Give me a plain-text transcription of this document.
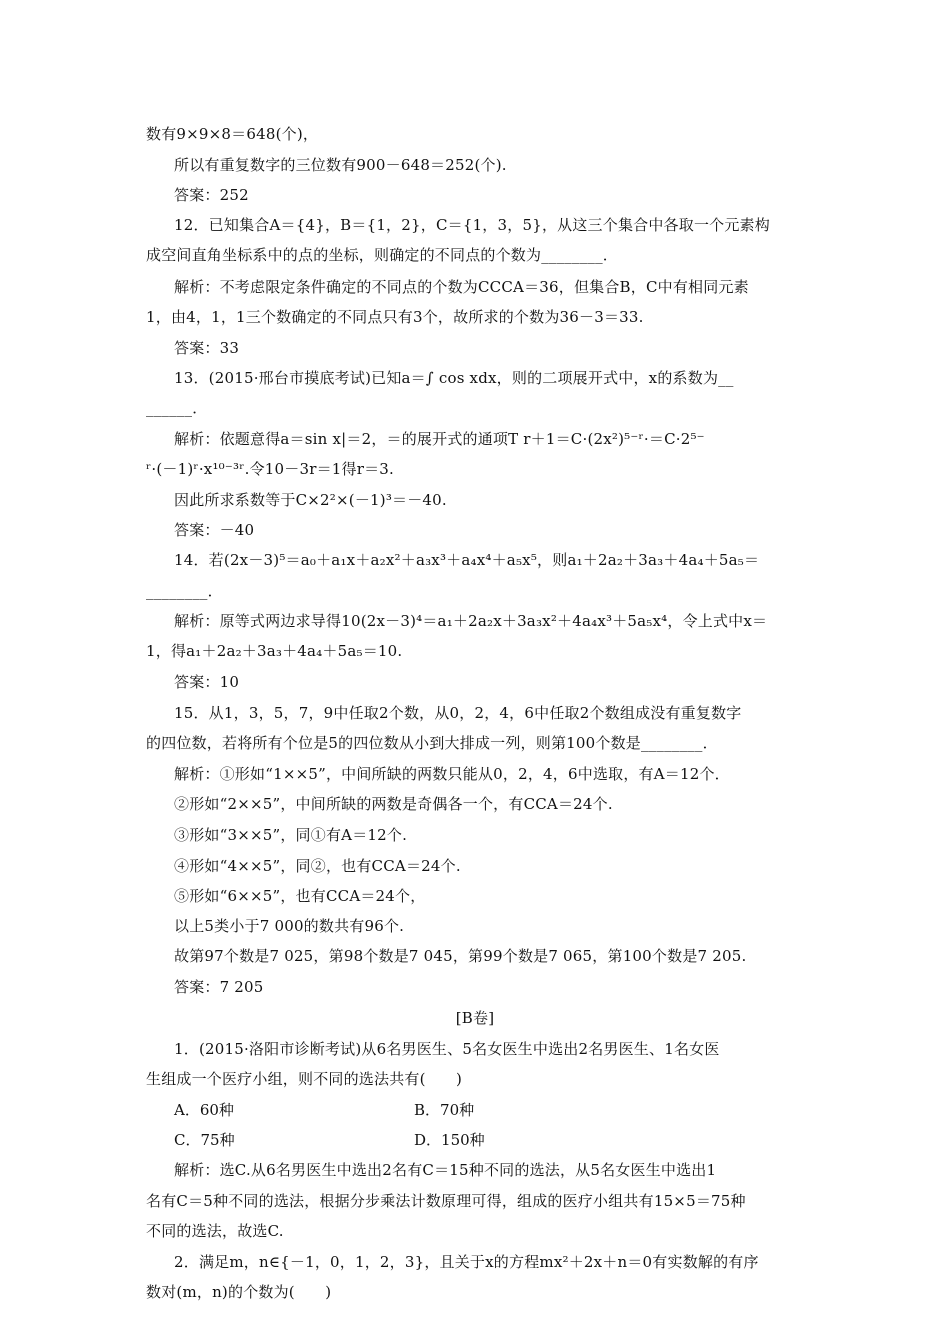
数有9×9×8＝648(个)，
所以有重复数字的三位数有900－648＝252(个).
答案：252
12．已知集合A＝{4}，B＝{1，2}，C＝{1，3，5}，从这三个集合中各取一个元素构
成空间直角坐标系中的点的坐标，则确定的不同点的个数为________．
解析：不考虑限定条件确定的不同点的个数为CCCA＝36，但集合B，C中有相同元素
1，由4，1，1三个数确定的不同点只有3个，故所求的个数为36－3＝33.
答案：33
13．(2015·邢台市摸底考试)已知a＝∫ cos xdx，则的二项展开式中，x的系数为__
______．
解析：依题意得a＝sin x|＝2，＝的展开式的通项T r＋1＝C·(2x²)⁵⁻ʳ·＝C·2⁵⁻
ʳ·(－1)ʳ·x¹⁰⁻³ʳ.令10－3r＝1得r＝3.
因此所求系数等于C×2²×(－1)³＝－40.
答案：－40
14．若(2x－3)⁵＝a₀＋a₁x＋a₂x²＋a₃x³＋a₄x⁴＋a₅x⁵，则a₁＋2a₂＋3a₃＋4a₄＋5a₅＝
________．
解析：原等式两边求导得10(2x－3)⁴＝a₁＋2a₂x＋3a₃x²＋4a₄x³＋5a₅x⁴，令上式中x＝
1，得a₁＋2a₂＋3a₃＋4a₄＋5a₅＝10.
答案：10
15．从1，3，5，7，9中任取2个数，从0，2，4，6中任取2个数组成没有重复数字
的四位数，若将所有个位是5的四位数从小到大排成一列，则第100个数是________．
解析：①形如“1××5”，中间所缺的两数只能从0，2，4，6中选取，有A＝12个．
②形如“2××5”，中间所缺的两数是奇偶各一个，有CCA＝24个.
③形如“3××5”，同①有A＝12个.
④形如“4××5”，同②，也有CCA＝24个.
⑤形如“6××5”，也有CCA＝24个，
以上5类小于7 000的数共有96个.
故第97个数是7 025，第98个数是7 045，第99个数是7 065，第100个数是7 205.
答案：7 205
[B卷]
1．(2015·洛阳市诊断考试)从6名男医生、5名女医生中选出2名男医生、1名女医
生组成一个医疗小组，则不同的选法共有(　　)
A．60种	B．70种
C．75种	D．150种
解析：选C.从6名男医生中选出2名有C＝15种不同的选法，从5名女医生中选出1
名有C＝5种不同的选法，根据分步乘法计数原理可得，组成的医疗小组共有15×5＝75种
不同的选法，故选C.
2．满足m，n∈{－1，0，1，2，3}，且关于x的方程mx²＋2x＋n＝0有实数解的有序
数对(m，n)的个数为(　　)
